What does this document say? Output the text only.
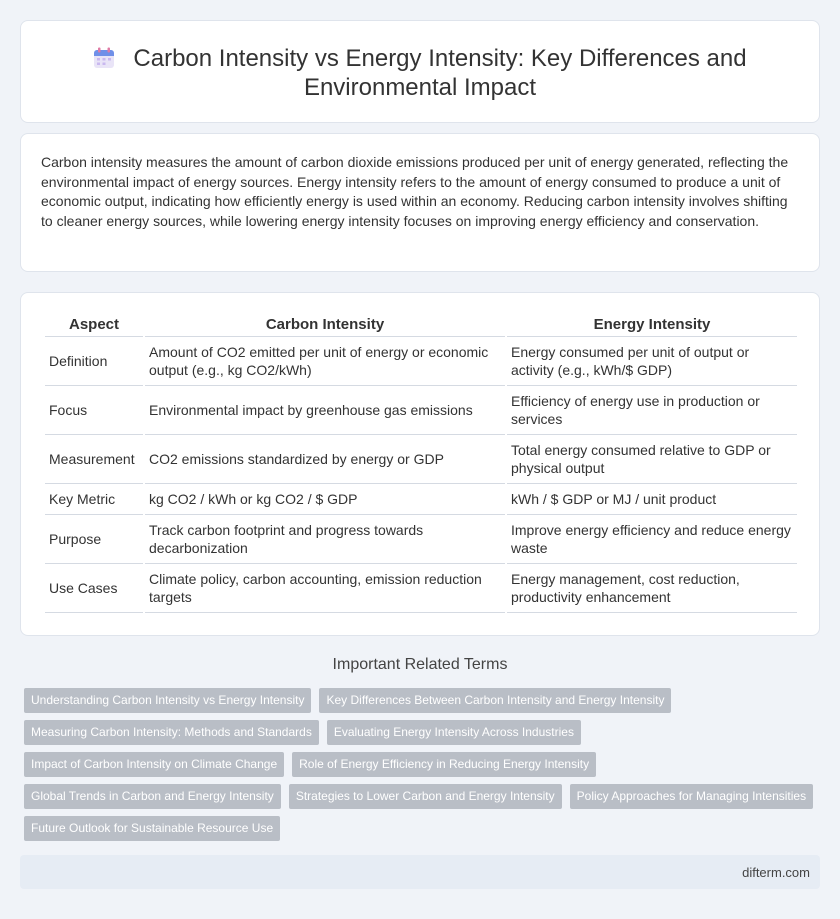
Carbon Intensity vs Energy Intensity: Key Differences and
Environmental Impact

Carbon intensity measures the amount of carbon dioxide emissions produced per unit of energy generated, reflecting the environmental impact of energy sources. Energy intensity refers to the amount of energy consumed to produce a unit of economic output, indicating how efficiently energy is used within an economy. Reducing carbon intensity involves shifting to cleaner energy sources, while lowering energy intensity focuses on improving energy efficiency and conservation.

Aspect	Carbon Intensity	Energy Intensity
Definition	Amount of CO2 emitted per unit of energy or economic output (e.g., kg CO2/kWh)	Energy consumed per unit of output or activity (e.g., kWh/$ GDP)
Focus	Environmental impact by greenhouse gas emissions	Efficiency of energy use in production or services
Measurement	CO2 emissions standardized by energy or GDP	Total energy consumed relative to GDP or physical output
Key Metric	kg CO2 / kWh or kg CO2 / $ GDP	kWh / $ GDP or MJ / unit product
Purpose	Track carbon footprint and progress towards decarbonization	Improve energy efficiency and reduce energy waste
Use Cases	Climate policy, carbon accounting, emission reduction targets	Energy management, cost reduction, productivity enhancement
Important Related Terms
Understanding Carbon Intensity vs Energy Intensity Key Differences Between Carbon Intensity and Energy Intensity
Measuring Carbon Intensity: Methods and Standards Evaluating Energy Intensity Across Industries
Impact of Carbon Intensity on Climate Change Role of Energy Efficiency in Reducing Energy Intensity
Global Trends in Carbon and Energy Intensity Strategies to Lower Carbon and Energy Intensity Policy Approaches for Managing Intensities
Future Outlook for Sustainable Resource Use
difterm.com
